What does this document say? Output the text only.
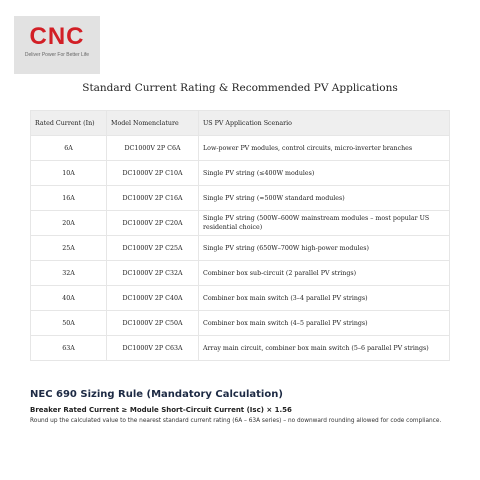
CNC
Deliver Power For Better Life
Standard Current Rating & Recommended PV Applications
Rated Current (In)	Model Nomenclature	US PV Application Scenario
6A	DC1000V 2P C6A	Low-power PV modules, control circuits, micro-inverter branches
10A	DC1000V 2P C10A	Single PV string (≤400W modules)
16A	DC1000V 2P C16A	Single PV string (≈500W standard modules)
20A	DC1000V 2P C20A	Single PV string (500W–600W mainstream modules – most popular US residential choice)
25A	DC1000V 2P C25A	Single PV string (650W–700W high-power modules)
32A	DC1000V 2P C32A	Combiner box sub-circuit (2 parallel PV strings)
40A	DC1000V 2P C40A	Combiner box main switch (3–4 parallel PV strings)
50A	DC1000V 2P C50A	Combiner box main switch (4–5 parallel PV strings)
63A	DC1000V 2P C63A	Array main circuit, combiner box main switch (5–6 parallel PV strings)
NEC 690 Sizing Rule (Mandatory Calculation)
Breaker Rated Current ≥ Module Short-Circuit Current (Isc) × 1.56
Round up the calculated value to the nearest standard current rating (6A – 63A series) – no downward rounding allowed for code compliance.
